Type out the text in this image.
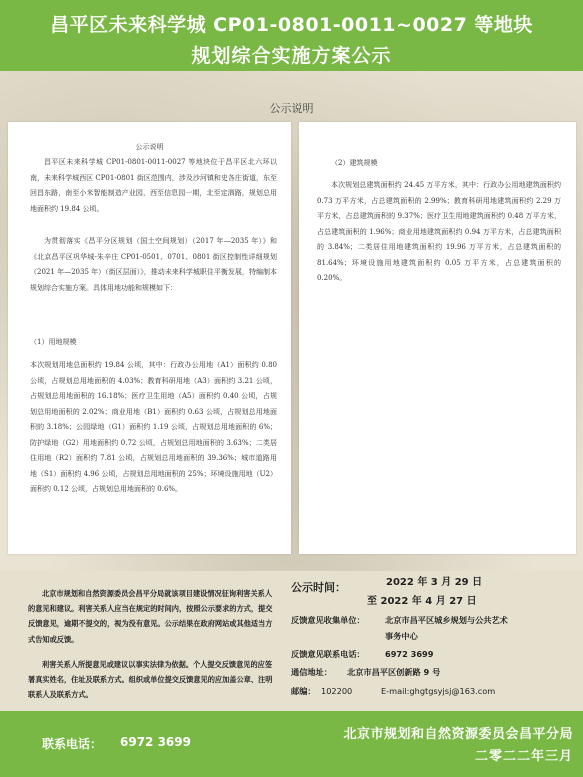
昌平区未来科学城 CP01-0801-0011~0027 等地块
规划综合实施方案公示
公示说明
公示说明
昌平区未来科学城 CP01-0801-0011-0027 等地块位于昌平区北六环以南，未来科学城西区 CP01-0801 街区范围内，涉及沙河镇和史各庄街道，东至回昌东路，南至小米智能制造产业园，西至信息园一期，北至定泗路，规划总用地面积约 19.84 公顷。
为贯彻落实《昌平分区规划（国土空间规划）（2017 年—2035 年）》和《北京昌平区巩华城-朱辛庄 CP01-0501、0701、0801 街区控制性详细规划（2021 年—2035 年）（街区层面）》，推动未来科学城职住平衡发展，特编制本规划综合实施方案。具体用地功能和规模如下：
（1）用地规模
本次规划用地总面积约 19.84 公顷，其中：行政办公用地（A1）面积约 0.80 公顷，占规划总用地面积的 4.03%；教育科研用地（A3）面积约 3.21 公顷，占规划总用地面积的 16.18%；医疗卫生用地（A5）面积约 0.40 公顷，占规划总用地面积的 2.02%；商业用地（B1）面积约 0.63 公顷，占规划总用地面积的 3.18%；公园绿地（G1）面积约 1.19 公顷，占规划总用地面积的 6%；防护绿地（G2）用地面积约 0.72 公顷，占规划总用地面积的 3.63%；二类居住用地（R2）面积约 7.81 公顷，占规划总用地面积的 39.36%；城市道路用地（S1）面积约 4.96 公顷，占规划总用地面积的 25%；环境设施用地（U2）面积约 0.12 公顷，占规划总用地面积的 0.6%。
（2）建筑规模
本次规划总建筑面积约 24.45 万平方米，其中：行政办公用地建筑面积约 0.73 万平方米，占总建筑面积的 2.99%；教育科研用地建筑面积约 2.29 万平方米，占总建筑面积的 9.37%；医疗卫生用地建筑面积约 0.48 万平方米，占总建筑面积的 1.96%；商业用地建筑面积约 0.94 万平方米，占总建筑面积的 3.84%；二类居住用地建筑面积约 19.96 万平方米，占总建筑面积的 81.64%；环境设施用地建筑面积约 0.05 万平方米，占总建筑面积的 0.20%。

北京市规划和自然资源委员会昌平分局就该项目建设情况征询利害关系人的意见和建议。利害关系人应当在规定的时间内，按照公示要求的方式，提交反馈意见，逾期不提交的，视为没有意见。公示结果在政府网站或其他适当方式告知或反馈。

利害关系人所提意见或建议以事实法律为依据。个人提交反馈意见的应签署真实姓名，住址及联系方式。组织或单位提交反馈意见的应加盖公章、注明联系人及联系方式。

公示时间：	2022 年 3 月 29 日
至 2022 年 4 月 27 日
反馈意见收集单位： 北京市昌平区城乡规划与公共艺术
事务中心
反馈意见联系电话： 6972 3699
通信地址： 北京市昌平区创新路 9 号
邮编： 102200	E-mail:ghgtgsyjsj@163.com
联系电话： 6972 3699	北京市规划和自然资源委员会昌平分局
二零二二年三月
